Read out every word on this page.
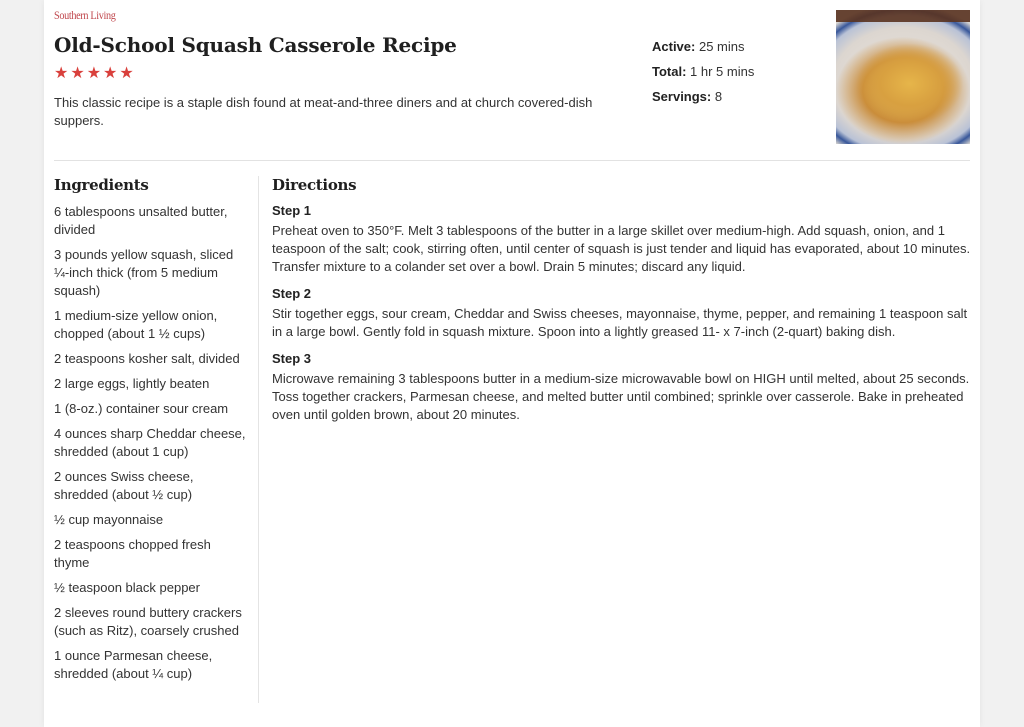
Southern Living
Old-School Squash Casserole Recipe
★ ★ ★ ★ ★
This classic recipe is a staple dish found at meat-and-three diners and at church covered-dish suppers.
Active: 25 mins
Total: 1 hr 5 mins
Servings: 8
Ingredients
6 tablespoons unsalted butter, divided
3 pounds yellow squash, sliced ¼-inch thick (from 5 medium squash)
1 medium-size yellow onion, chopped (about 1 ½ cups)
2 teaspoons kosher salt, divided
2 large eggs, lightly beaten
1 (8-oz.) container sour cream
4 ounces sharp Cheddar cheese, shredded (about 1 cup)
2 ounces Swiss cheese, shredded (about ½ cup)
½ cup mayonnaise
2 teaspoons chopped fresh thyme
½ teaspoon black pepper
2 sleeves round buttery crackers (such as Ritz), coarsely crushed
1 ounce Parmesan cheese, shredded (about ¼ cup)
Directions
Step 1

Preheat oven to 350°F. Melt 3 tablespoons of the butter in a large skillet over medium-high. Add squash, onion, and 1 teaspoon of the salt; cook, stirring often, until center of squash is just tender and liquid has evaporated, about 10 minutes. Transfer mixture to a colander set over a bowl. Drain 5 minutes; discard any liquid.

Step 2

Stir together eggs, sour cream, Cheddar and Swiss cheeses, mayonnaise, thyme, pepper, and remaining 1 teaspoon salt in a large bowl. Gently fold in squash mixture. Spoon into a lightly greased 11- x 7-inch (2-quart) baking dish.

Step 3

Microwave remaining 3 tablespoons butter in a medium-size microwavable bowl on HIGH until melted, about 25 seconds. Toss together crackers, Parmesan cheese, and melted butter until combined; sprinkle over casserole. Bake in preheated oven until golden brown, about 20 minutes.
